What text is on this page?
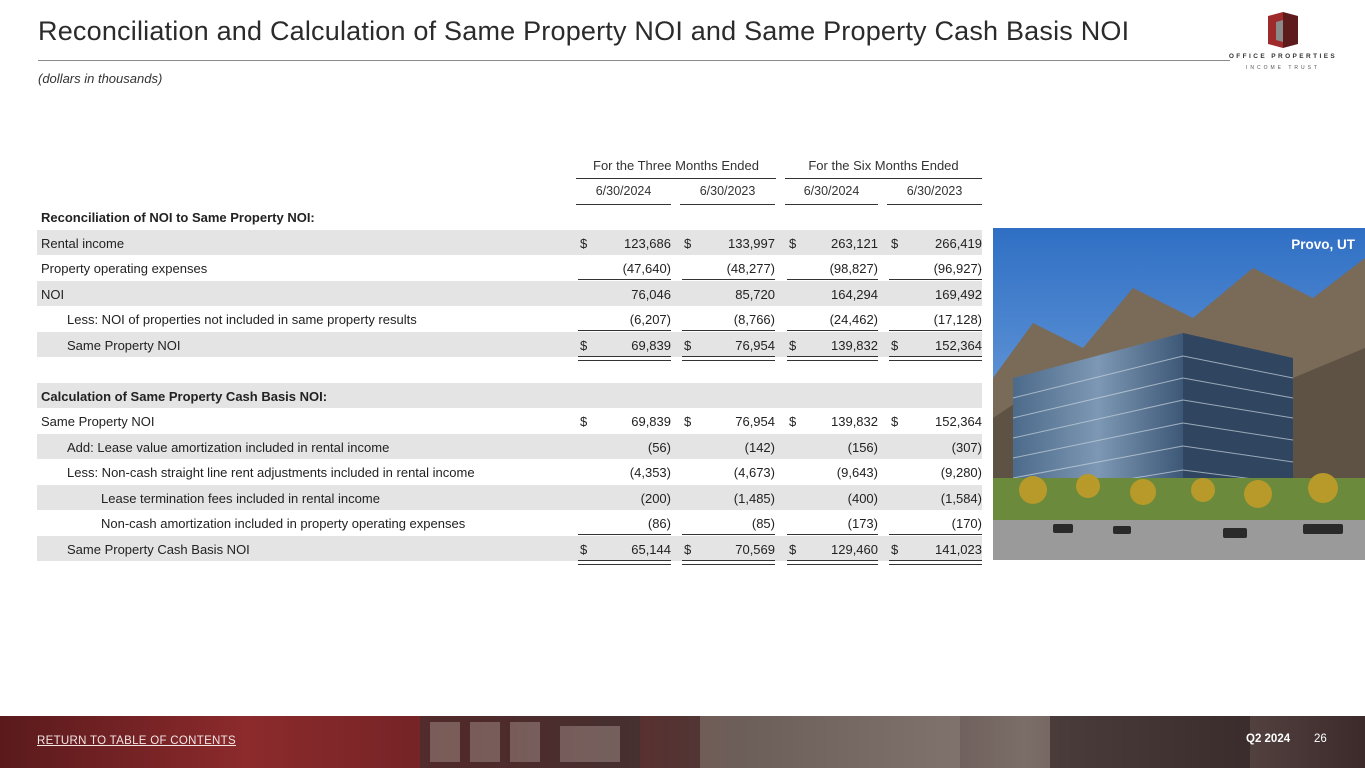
Reconciliation and Calculation of Same Property NOI and Same Property Cash Basis NOI
(dollars in thousands)
OFFICE PROPERTIES
INCOME TRUST
For the Three Months Ended	For the Six Months Ended
6/30/2024	6/30/2023	6/30/2024	6/30/2023
Reconciliation of NOI to Same Property NOI:
Rental income	$	123,686 $	133,997 $	263,121 $	266,419
Property operating expenses	(47,640)	(48,277)	(98,827)	(96,927)
NOI	76,046	85,720	164,294	169,492
Less: NOI of properties not included in same property results	(6,207)	(8,766)	(24,462)	(17,128)
Same Property NOI	$	69,839 $	76,954 $	139,832 $	152,364
Calculation of Same Property Cash Basis NOI:
Same Property NOI	$	69,839 $	76,954 $	139,832 $	152,364
Add: Lease value amortization included in rental income	(56)	(142)	(156)	(307)
Less: Non-cash straight line rent adjustments included in rental income	(4,353)	(4,673)	(9,643)	(9,280)
Lease termination fees included in rental income	(200)	(1,485)	(400)	(1,584)
Non-cash amortization included in property operating expenses	(86)	(85)	(173)	(170)
Same Property Cash Basis NOI	$	65,144 $	70,569 $	129,460 $	141,023
Provo, UT
RETURN TO TABLE OF CONTENTS	Q2 2024 26
